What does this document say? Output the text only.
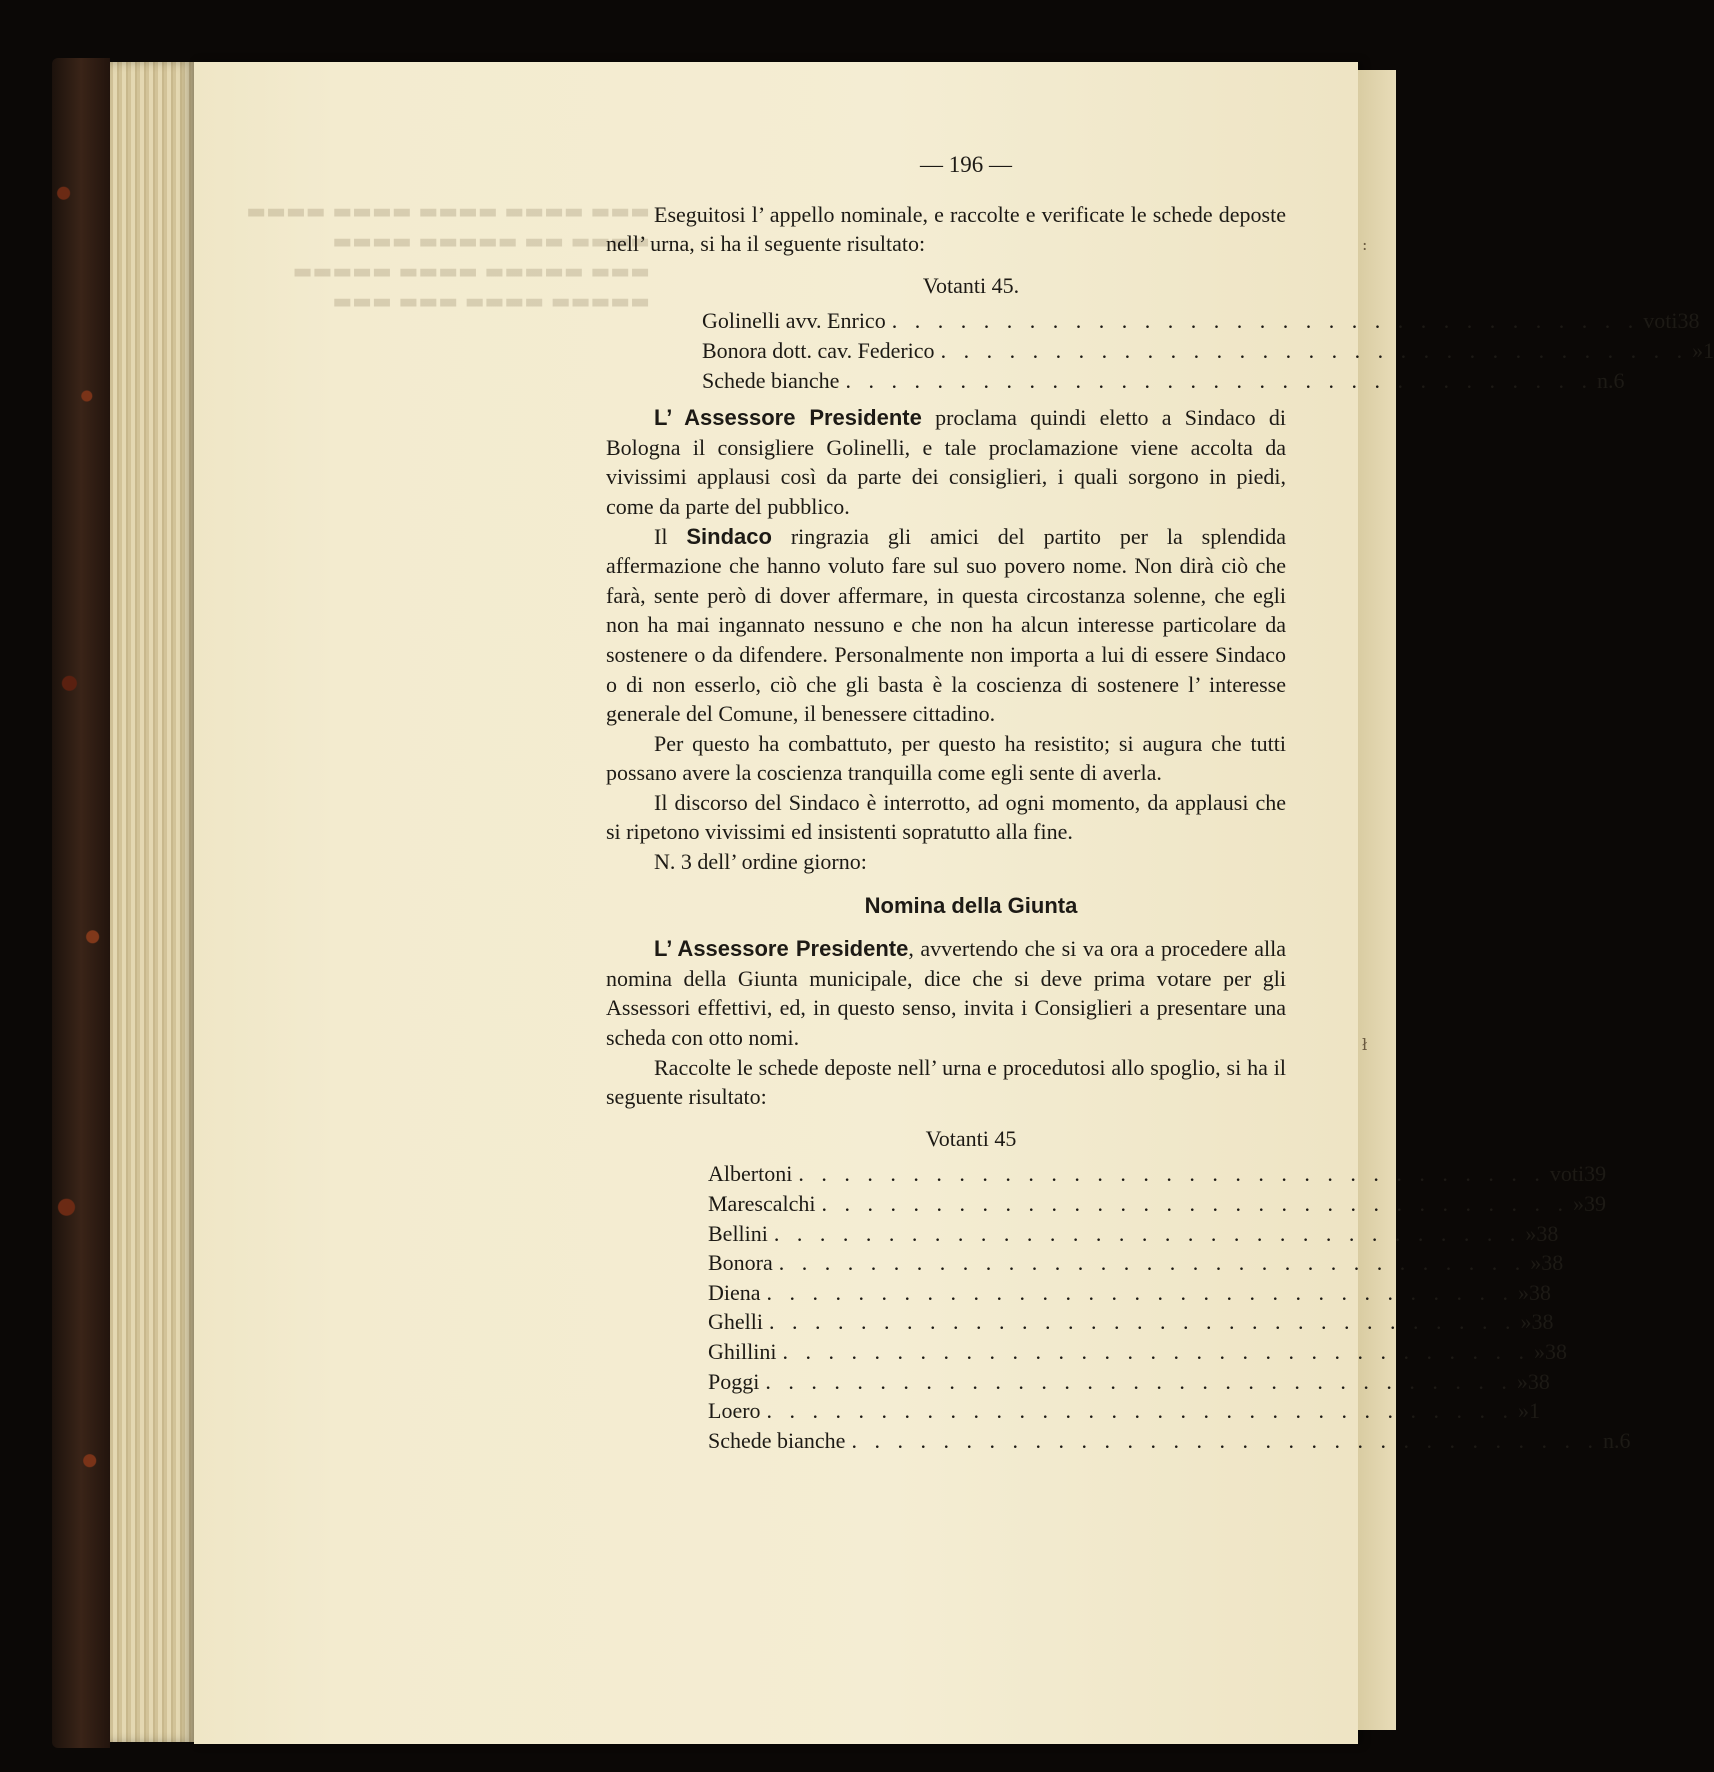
:

ł
▬▬▬ ▬▬▬▬ ▬▬▬▬ ▬▬▬▬ ▬▬▬▬
▬▬▬▬ ▬▬ ▬▬▬▬▬ ▬▬▬▬
▬▬▬ ▬▬▬▬▬ ▬▬▬▬ ▬▬▬▬▬
▬▬▬▬▬ ▬▬▬▬ ▬▬▬ ▬▬▬
— 196 —

Eseguitosi l’ appello nominale, e raccolte e verificate le schede deposte nell’ urna, si ha il seguente risultato:

Votanti 45.
Golinelli avv. Enrico . . .	voti 38
Bonora dott. cav. Federico . . .	» 1
Schede bianche . . .	n. 6

L’ Assessore Presidente proclama quindi eletto a Sindaco di Bologna il consigliere Golinelli, e tale proclamazione viene accolta da vivissimi applausi così da parte dei consiglieri, i quali sorgono in piedi, come da parte del pubblico.

Il Sindaco ringrazia gli amici del partito per la splendida affermazione che hanno voluto fare sul suo povero nome. Non dirà ciò che farà, sente però di dover affermare, in questa circostanza solenne, che egli non ha mai ingannato nessuno e che non ha alcun interesse particolare da sostenere o da difendere. Personalmente non importa a lui di essere Sindaco o di non esserlo, ciò che gli basta è la coscienza di sostenere l’ interesse generale del Comune, il benessere cittadino.

Per questo ha combattuto, per questo ha resistito; si augura che tutti possano avere la coscienza tranquilla come egli sente di averla.

Il discorso del Sindaco è interrotto, ad ogni momento, da applausi che si ripetono vivissimi ed insistenti sopratutto alla fine.

N. 3 dell’ ordine giorno:

Nomina della Giunta

L’ Assessore Presidente, avvertendo che si va ora a procedere alla nomina della Giunta municipale, dice che si deve prima votare per gli Assessori effettivi, ed, in questo senso, invita i Consiglieri a presentare una scheda con otto nomi.

Raccolte le schede deposte nell’ urna e procedutosi allo spoglio, si ha il seguente risultato:

Votanti 45
Albertoni . . .	voti 39
Marescalchi . . .	» 39
Bellini . . .	» 38
Bonora . . .	» 38
Diena . . .	» 38
Ghelli . . .	» 38
Ghillini . . .	» 38
Poggi . . .	» 38
Loero . . .	» 1
Schede bianche . . .	n. 6
